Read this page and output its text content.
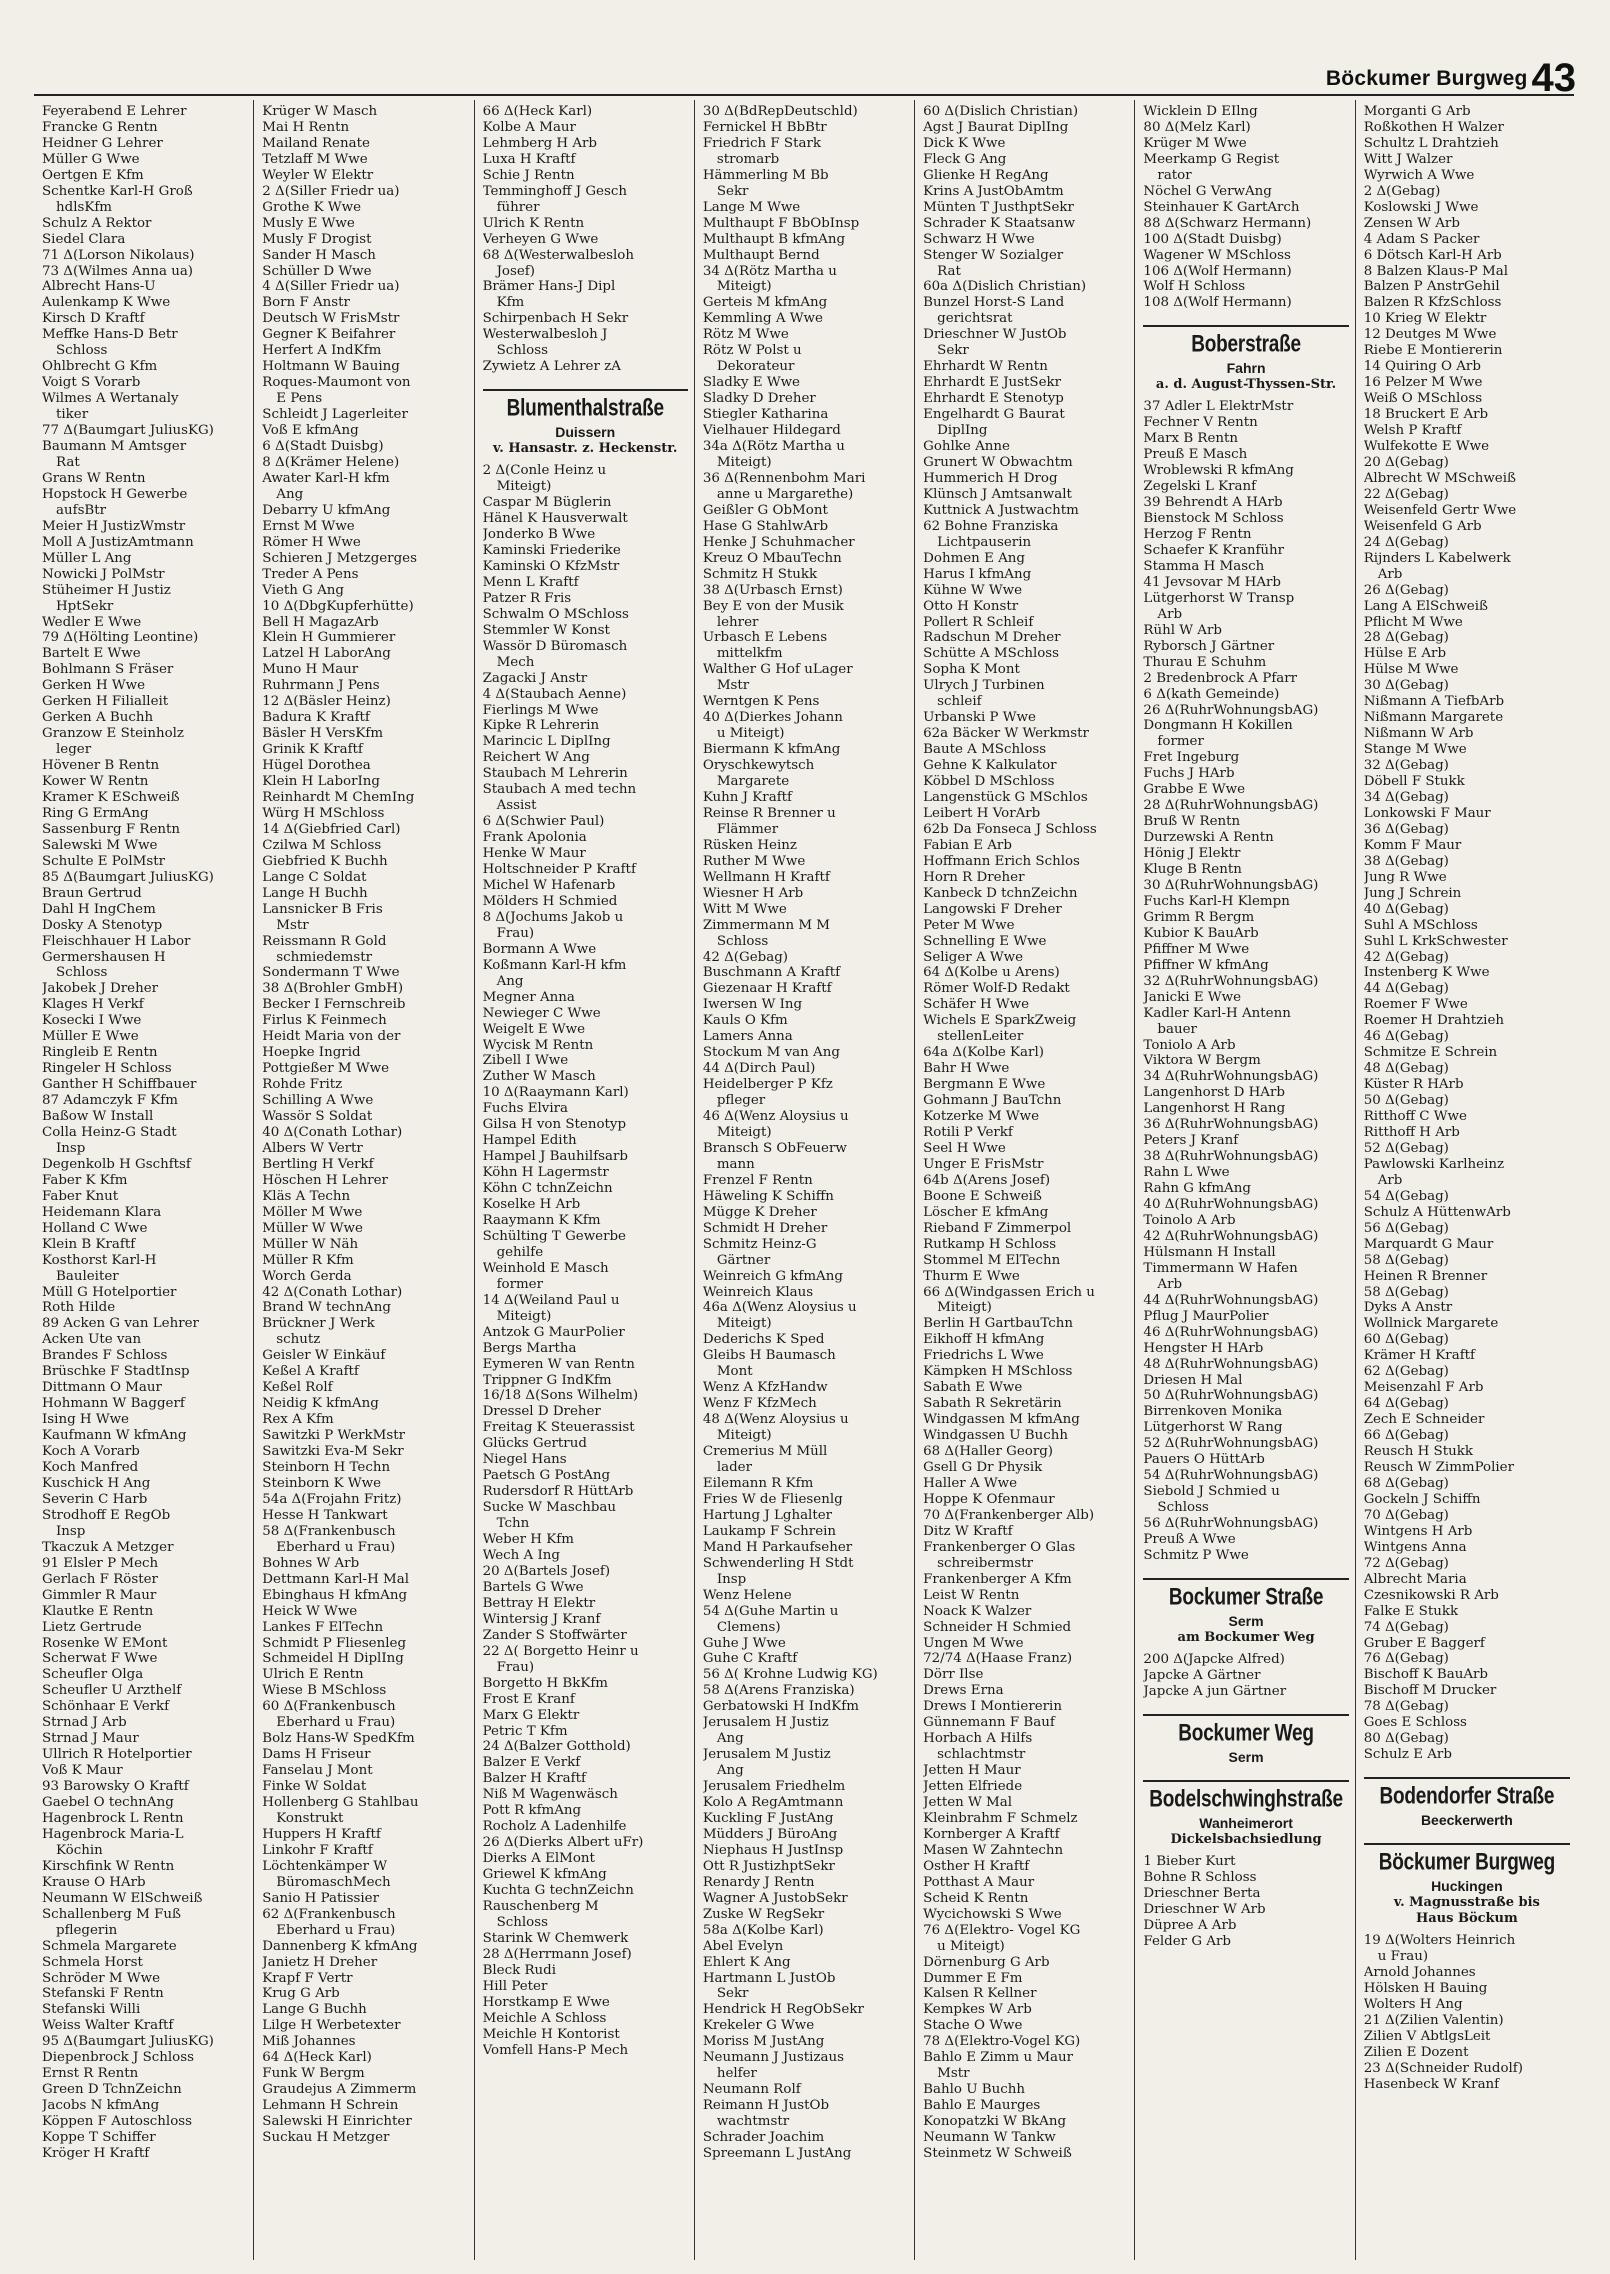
Böckumer Burgweg 43
Feyerabend E Lehrer
Francke G Rentn
Heidner G Lehrer
Müller G Wwe
Oertgen E Kfm
Schentke Karl-H Groß
hdlsKfm
Schulz A Rektor
Siedel Clara
71 Δ(Lorson Nikolaus)
73 Δ(Wilmes Anna ua)
Albrecht Hans-U
Aulenkamp K Wwe
Kirsch D Kraftf
Meffke Hans-D Betr
Schloss
Ohlbrecht G Kfm
Voigt S Vorarb
Wilmes A Wertanaly
tiker
77 Δ(Baumgart JuliusKG)
Baumann M Amtsger
Rat
Grans W Rentn
Hopstock H Gewerbe
aufsBtr
Meier H JustizWmstr
Moll A JustizAmtmann
Müller L Ang
Nowicki J PolMstr
Stüheimer H Justiz
HptSekr
Wedler E Wwe
79 Δ(Hölting Leontine)
Bartelt E Wwe
Bohlmann S Fräser
Gerken H Wwe
Gerken H Filialleit
Gerken A Buchh
Granzow E Steinholz
leger
Hövener B Rentn
Kower W Rentn
Kramer K ESchweiß
Ring G ErmAng
Sassenburg F Rentn
Salewski M Wwe
Schulte E PolMstr
85 Δ(Baumgart JuliusKG)
Braun Gertrud
Dahl H IngChem
Dosky A Stenotyp
Fleischhauer H Labor
Germershausen H
Schloss
Jakobek J Dreher
Klages H Verkf
Kosecki I Wwe
Müller E Wwe
Ringleib E Rentn
Ringeler H Schloss
Ganther H Schiffbauer
87 Adamczyk F Kfm
Baßow W Install
Colla Heinz-G Stadt
Insp
Degenkolb H Gschftsf
Faber K Kfm
Faber Knut
Heidemann Klara
Holland C Wwe
Klein B Kraftf
Kosthorst Karl-H
Bauleiter
Müll G Hotelportier
Roth Hilde
89 Acken G van Lehrer
Acken Ute van
Brandes F Schloss
Brüschke F StadtInsp
Dittmann O Maur
Hohmann W Baggerf
Ising H Wwe
Kaufmann W kfmAng
Koch A Vorarb
Koch Manfred
Kuschick H Ang
Severin C Harb
Strodhoff E RegOb
Insp
Tkaczuk A Metzger
91 Elsler P Mech
Gerlach F Röster
Gimmler R Maur
Klautke E Rentn
Lietz Gertrude
Rosenke W EMont
Scherwat F Wwe
Scheufler Olga
Scheufler U Arzthelf
Schönhaar E Verkf
Strnad J Arb
Strnad J Maur
Ullrich R Hotelportier
Voß K Maur
93 Barowsky O Kraftf
Gaebel O technAng
Hagenbrock L Rentn
Hagenbrock Maria-L
Köchin
Kirschfink W Rentn
Krause O HArb
Neumann W ElSchweiß
Schallenberg M Fuß
pflegerin
Schmela Margarete
Schmela Horst
Schröder M Wwe
Stefanski F Rentn
Stefanski Willi
Weiss Walter Kraftf
95 Δ(Baumgart JuliusKG)
Diepenbrock J Schloss
Ernst R Rentn
Green D TchnZeichn
Jacobs N kfmAng
Köppen F Autoschloss
Koppe T Schiffer
Kröger H Kraftf
Krüger W Masch
Mai H Rentn
Mailand Renate
Tetzlaff M Wwe
Weyler W Elektr
2 Δ(Siller Friedr ua)
Grothe K Wwe
Musly E Wwe
Musly F Drogist
Sander H Masch
Schüller D Wwe
4 Δ(Siller Friedr ua)
Born F Anstr
Deutsch W FrisMstr
Gegner K Beifahrer
Herfert A IndKfm
Holtmann W Bauing
Roques-Maumont von
E Pens
Schleidt J Lagerleiter
Voß E kfmAng
6 Δ(Stadt Duisbg)
8 Δ(Krämer Helene)
Awater Karl-H kfm
Ang
Debarry U kfmAng
Ernst M Wwe
Römer H Wwe
Schieren J Metzgerges
Treder A Pens
Vieth G Ang
10 Δ(DbgKupferhütte)
Bell H MagazArb
Klein H Gummierer
Latzel H LaborAng
Muno H Maur
Ruhrmann J Pens
12 Δ(Bäsler Heinz)
Badura K Kraftf
Bäsler H VersKfm
Grinik K Kraftf
Hügel Dorothea
Klein H LaborIng
Reinhardt M ChemIng
Würg H MSchloss
14 Δ(Giebfried Carl)
Czilwa M Schloss
Giebfried K Buchh
Lange C Soldat
Lange H Buchh
Lansnicker B Fris
Mstr
Reissmann R Gold
schmiedemstr
Sondermann T Wwe
38 Δ(Brohler GmbH)
Becker I Fernschreib
Firlus K Feinmech
Heidt Maria von der
Hoepke Ingrid
Pottgießer M Wwe
Rohde Fritz
Schilling A Wwe
Wassör S Soldat
40 Δ(Conath Lothar)
Albers W Vertr
Bertling H Verkf
Höschen H Lehrer
Kläs A Techn
Möller M Wwe
Müller W Wwe
Müller W Näh
Müller R Kfm
Worch Gerda
42 Δ(Conath Lothar)
Brand W technAng
Brückner J Werk
schutz
Geisler W Einkäuf
Keßel A Kraftf
Keßel Rolf
Neidig K kfmAng
Rex A Kfm
Sawitzki P WerkMstr
Sawitzki Eva-M Sekr
Steinborn H Techn
Steinborn K Wwe
54a Δ(Frojahn Fritz)
Hesse H Tankwart
58 Δ(Frankenbusch
Eberhard u Frau)
Bohnes W Arb
Dettmann Karl-H Mal
Ebinghaus H kfmAng
Heick W Wwe
Lankes F ElTechn
Schmidt P Fliesenleg
Schmeidel H DiplIng
Ulrich E Rentn
Wiese B MSchloss
60 Δ(Frankenbusch
Eberhard u Frau)
Bolz Hans-W SpedKfm
Dams H Friseur
Fanselau J Mont
Finke W Soldat
Hollenberg G Stahlbau
Konstrukt
Huppers H Kraftf
Linkohr F Kraftf
Löchtenkämper W
BüromaschMech
Sanio H Patissier
62 Δ(Frankenbusch
Eberhard u Frau)
Dannenberg K kfmAng
Janietz H Dreher
Krapf F Vertr
Krug G Arb
Lange G Buchh
Lilge H Werbetexter
Miß Johannes
64 Δ(Heck Karl)
Funk W Bergm
Graudejus A Zimmerm
Lehmann H Schrein
Salewski H Einrichter
Suckau H Metzger
66 Δ(Heck Karl)
Kolbe A Maur
Lehmberg H Arb
Luxa H Kraftf
Schie J Rentn
Temminghoff J Gesch
führer
Ulrich K Rentn
Verheyen G Wwe
68 Δ(Westerwalbesloh
Josef)
Brämer Hans-J Dipl
Kfm
Schirpenbach H Sekr
Westerwalbesloh J
Schloss
Zywietz A Lehrer zA
Blumenthalstraße
Duissern
v. Hansastr. z. Heckenstr.
2 Δ(Conle Heinz u
Miteigt)
Caspar M Büglerin
Hänel K Hausverwalt
Jonderko B Wwe
Kaminski Friederike
Kaminski O KfzMstr
Menn L Kraftf
Patzer R Fris
Schwalm O MSchloss
Stemmler W Konst
Wassör D Büromasch
Mech
Zagacki J Anstr
4 Δ(Staubach Aenne)
Fierlings M Wwe
Kipke R Lehrerin
Marincic L DiplIng
Reichert W Ang
Staubach M Lehrerin
Staubach A med techn
Assist
6 Δ(Schwier Paul)
Frank Apolonia
Henke W Maur
Holtschneider P Kraftf
Michel W Hafenarb
Mölders H Schmied
8 Δ(Jochums Jakob u
Frau)
Bormann A Wwe
Koßmann Karl-H kfm
Ang
Megner Anna
Newieger C Wwe
Weigelt E Wwe
Wycisk M Rentn
Zibell I Wwe
Zuther W Masch
10 Δ(Raaymann Karl)
Fuchs Elvira
Gilsa H von Stenotyp
Hampel Edith
Hampel J Bauhilfsarb
Köhn H Lagermstr
Köhn C tchnZeichn
Koselke H Arb
Raaymann K Kfm
Schülting T Gewerbe
gehilfe
Weinhold E Masch
former
14 Δ(Weiland Paul u
Miteigt)
Antzok G MaurPolier
Bergs Martha
Eymeren W van Rentn
Trippner G IndKfm
16/18 Δ(Sons Wilhelm)
Dressel D Dreher
Freitag K Steuerassist
Glücks Gertrud
Niegel Hans
Paetsch G PostAng
Rudersdorf R HüttArb
Sucke W Maschbau
Tchn
Weber H Kfm
Wech A Ing
20 Δ(Bartels Josef)
Bartels G Wwe
Bettray H Elektr
Wintersig J Kranf
Zander S Stoffwärter
22 Δ( Borgetto Heinr u
Frau)
Borgetto H BkKfm
Frost E Kranf
Marx G Elektr
Petric T Kfm
24 Δ(Balzer Gotthold)
Balzer E Verkf
Balzer H Kraftf
Niß M Wagenwäsch
Pott R kfmAng
Rocholz A Ladenhilfe
26 Δ(Dierks Albert uFr)
Dierks A ElMont
Griewel K kfmAng
Kuchta G technZeichn
Rauschenberg M
Schloss
Starink W Chemwerk
28 Δ(Herrmann Josef)
Bleck Rudi
Hill Peter
Horstkamp E Wwe
Meichle A Schloss
Meichle H Kontorist
Vomfell Hans-P Mech
30 Δ(BdRepDeutschld)
Fernickel H BbBtr
Friedrich F Stark
stromarb
Hämmerling M Bb
Sekr
Lange M Wwe
Multhaupt F BbObInsp
Multhaupt B kfmAng
Multhaupt Bernd
34 Δ(Rötz Martha u
Miteigt)
Gerteis M kfmAng
Kemmling A Wwe
Rötz M Wwe
Rötz W Polst u
Dekorateur
Sladky E Wwe
Sladky D Dreher
Stiegler Katharina
Vielhauer Hildegard
34a Δ(Rötz Martha u
Miteigt)
36 Δ(Rennenbohm Mari
anne u Margarethe)
Geißler G ObMont
Hase G StahlwArb
Henke J Schuhmacher
Kreuz O MbauTechn
Schmitz H Stukk
38 Δ(Urbasch Ernst)
Bey E von der Musik
lehrer
Urbasch E Lebens
mittelkfm
Walther G Hof uLager
Mstr
Werntgen K Pens
40 Δ(Dierkes Johann
u Miteigt)
Biermann K kfmAng
Oryschkewytsch
Margarete
Kuhn J Kraftf
Reinse R Brenner u
Flämmer
Rüsken Heinz
Ruther M Wwe
Wellmann H Kraftf
Wiesner H Arb
Witt M Wwe
Zimmermann M M
Schloss
42 Δ(Gebag)
Buschmann A Kraftf
Giezenaar H Kraftf
Iwersen W Ing
Kauls O Kfm
Lamers Anna
Stockum M van Ang
44 Δ(Dirch Paul)
Heidelberger P Kfz
pfleger
46 Δ(Wenz Aloysius u
Miteigt)
Bransch S ObFeuerw
mann
Frenzel F Rentn
Häweling K Schiffn
Mügge K Dreher
Schmidt H Dreher
Schmitz Heinz-G
Gärtner
Weinreich G kfmAng
Weinreich Klaus
46a Δ(Wenz Aloysius u
Miteigt)
Dederichs K Sped
Gleibs H Baumasch
Mont
Wenz A KfzHandw
Wenz F KfzMech
48 Δ(Wenz Aloysius u
Miteigt)
Cremerius M Müll
lader
Eilemann R Kfm
Fries W de Fliesenlg
Hartung J Lghalter
Laukamp F Schrein
Mand H Parkaufseher
Schwenderling H Stdt
Insp
Wenz Helene
54 Δ(Guhe Martin u
Clemens)
Guhe J Wwe
Guhe C Kraftf
56 Δ( Krohne Ludwig KG)
58 Δ(Arens Franziska)
Gerbatowski H IndKfm
Jerusalem H Justiz
Ang
Jerusalem M Justiz
Ang
Jerusalem Friedhelm
Kolo A RegAmtmann
Kuckling F JustAng
Müdders J BüroAng
Niephaus H JustInsp
Ott R JustizhptSekr
Renardy J Rentn
Wagner A JustobSekr
Zuske W RegSekr
58a Δ(Kolbe Karl)
Abel Evelyn
Ehlert K Ang
Hartmann L JustOb
Sekr
Hendrick H RegObSekr
Krekeler G Wwe
Moriss M JustAng
Neumann J Justizaus
helfer
Neumann Rolf
Reimann H JustOb
wachtmstr
Schrader Joachim
Spreemann L JustAng
60 Δ(Dislich Christian)
Agst J Baurat DiplIng
Dick K Wwe
Fleck G Ang
Glienke H RegAng
Krins A JustObAmtm
Münten T JusthptSekr
Schrader K Staatsanw
Schwarz H Wwe
Stenger W Sozialger
Rat
60a Δ(Dislich Christian)
Bunzel Horst-S Land
gerichtsrat
Drieschner W JustOb
Sekr
Ehrhardt W Rentn
Ehrhardt E JustSekr
Ehrhardt E Stenotyp
Engelhardt G Baurat
DiplIng
Gohlke Anne
Grunert W Obwachtm
Hummerich H Drog
Klünsch J Amtsanwalt
Kuttnick A Justwachtm
62 Bohne Franziska
Lichtpauserin
Dohmen E Ang
Harus I kfmAng
Kühne W Wwe
Otto H Konstr
Pollert R Schleif
Radschun M Dreher
Schütte A MSchloss
Sopha K Mont
Ulrych J Turbinen
schleif
Urbanski P Wwe
62a Bäcker W Werkmstr
Baute A MSchloss
Gehne K Kalkulator
Köbbel D MSchloss
Langenstück G MSchlos
Leibert H VorArb
62b Da Fonseca J Schloss
Fabian E Arb
Hoffmann Erich Schlos
Horn R Dreher
Kanbeck D tchnZeichn
Langowski F Dreher
Peter M Wwe
Schnelling E Wwe
Seliger A Wwe
64 Δ(Kolbe u Arens)
Römer Wolf-D Redakt
Schäfer H Wwe
Wichels E SparkZweig
stellenLeiter
64a Δ(Kolbe Karl)
Bahr H Wwe
Bergmann E Wwe
Gohmann J BauTchn
Kotzerke M Wwe
Rotili P Verkf
Seel H Wwe
Unger E FrisMstr
64b Δ(Arens Josef)
Boone E Schweiß
Löscher E kfmAng
Rieband F Zimmerpol
Rutkamp H Schloss
Stommel M ElTechn
Thurm E Wwe
66 Δ(Windgassen Erich u
Miteigt)
Berlin H GartbauTchn
Eikhoff H kfmAng
Friedrichs L Wwe
Kämpken H MSchloss
Sabath E Wwe
Sabath R Sekretärin
Windgassen M kfmAng
Windgassen U Buchh
68 Δ(Haller Georg)
Gsell G Dr Physik
Haller A Wwe
Hoppe K Ofenmaur
70 Δ(Frankenberger Alb)
Ditz W Kraftf
Frankenberger O Glas
schreibermstr
Frankenberger A Kfm
Leist W Rentn
Noack K Walzer
Schneider H Schmied
Ungen M Wwe
72/74 Δ(Haase Franz)
Dörr Ilse
Drews Erna
Drews I Montiererin
Günnemann F Bauf
Horbach A Hilfs
schlachtmstr
Jetten H Maur
Jetten Elfriede
Jetten W Mal
Kleinbrahm F Schmelz
Kornberger A Kraftf
Masen W Zahntechn
Osther H Kraftf
Potthast A Maur
Scheid K Rentn
Wycichowski S Wwe
76 Δ(Elektro- Vogel KG
u Miteigt)
Dörnenburg G Arb
Dummer E Fm
Kalsen R Kellner
Kempkes W Arb
Stache O Wwe
78 Δ(Elektro-Vogel KG)
Bahlo E Zimm u Maur
Mstr
Bahlo U Buchh
Bahlo E Maurges
Konopatzki W BkAng
Neumann W Tankw
Steinmetz W Schweiß
Wicklein D EIlng
80 Δ(Melz Karl)
Krüger M Wwe
Meerkamp G Regist
rator
Nöchel G VerwAng
Steinhauer K GartArch
88 Δ(Schwarz Hermann)
100 Δ(Stadt Duisbg)
Wagener W MSchloss
106 Δ(Wolf Hermann)
Wolf H Schloss
108 Δ(Wolf Hermann)
Boberstraße
Fahrn
a. d. August-Thyssen-Str.
37 Adler L ElektrMstr
Fechner V Rentn
Marx B Rentn
Preuß E Masch
Wroblewski R kfmAng
Zegelski L Kranf
39 Behrendt A HArb
Bienstock M Schloss
Herzog F Rentn
Schaefer K Kranführ
Stamma H Masch
41 Jevsovar M HArb
Lütgerhorst W Transp
Arb
Rühl W Arb
Ryborsch J Gärtner
Thurau E Schuhm
2 Bredenbrock A Pfarr
6 Δ(kath Gemeinde)
26 Δ(RuhrWohnungsbAG)
Dongmann H Kokillen
former
Fret Ingeburg
Fuchs J HArb
Grabbe E Wwe
28 Δ(RuhrWohnungsbAG)
Bruß W Rentn
Durzewski A Rentn
Hönig J Elektr
Kluge B Rentn
30 Δ(RuhrWohnungsbAG)
Fuchs Karl-H Klempn
Grimm R Bergm
Kubior K BauArb
Pfiffner M Wwe
Pfiffner W kfmAng
32 Δ(RuhrWohnungsbAG)
Janicki E Wwe
Kadler Karl-H Antenn
bauer
Toniolo A Arb
Viktora W Bergm
34 Δ(RuhrWohnungsbAG)
Langenhorst D HArb
Langenhorst H Rang
36 Δ(RuhrWohnungsbAG)
Peters J Kranf
38 Δ(RuhrWohnungsbAG)
Rahn L Wwe
Rahn G kfmAng
40 Δ(RuhrWohnungsbAG)
Toinolo A Arb
42 Δ(RuhrWohnungsbAG)
Hülsmann H Install
Timmermann W Hafen
Arb
44 Δ(RuhrWohnungsbAG)
Pflug J MaurPolier
46 Δ(RuhrWohnungsbAG)
Hengster H HArb
48 Δ(RuhrWohnungsbAG)
Driesen H Mal
50 Δ(RuhrWohnungsbAG)
Birrenkoven Monika
Lütgerhorst W Rang
52 Δ(RuhrWohnungsbAG)
Pauers O HüttArb
54 Δ(RuhrWohnungsbAG)
Siebold J Schmied u
Schloss
56 Δ(RuhrWohnungsbAG)
Preuß A Wwe
Schmitz P Wwe
Bockumer Straße
Serm
am Bockumer Weg
200 Δ(Japcke Alfred)
Japcke A Gärtner
Japcke A jun Gärtner
Bockumer Weg
Serm
Bodelschwinghstraße
Wanheimerort
Dickelsbachsiedlung
1 Bieber Kurt
Bohne R Schloss
Drieschner Berta
Drieschner W Arb
Düpree A Arb
Felder G Arb
Morganti G Arb
Roßkothen H Walzer
Schultz L Drahtzieh
Witt J Walzer
Wyrwich A Wwe
2 Δ(Gebag)
Koslowski J Wwe
Zensen W Arb
4 Adam S Packer
6 Dötsch Karl-H Arb
8 Balzen Klaus-P Mal
Balzen P AnstrGehil
Balzen R KfzSchloss
10 Krieg W Elektr
12 Deutges M Wwe
Riebe E Montiererin
14 Quiring O Arb
16 Pelzer M Wwe
Weiß O MSchloss
18 Bruckert E Arb
Welsh P Kraftf
Wulfekotte E Wwe
20 Δ(Gebag)
Albrecht W MSchweiß
22 Δ(Gebag)
Weisenfeld Gertr Wwe
Weisenfeld G Arb
24 Δ(Gebag)
Rijnders L Kabelwerk
Arb
26 Δ(Gebag)
Lang A ElSchweiß
Pflicht M Wwe
28 Δ(Gebag)
Hülse E Arb
Hülse M Wwe
30 Δ(Gebag)
Nißmann A TiefbArb
Nißmann Margarete
Nißmann W Arb
Stange M Wwe
32 Δ(Gebag)
Döbell F Stukk
34 Δ(Gebag)
Lonkowski F Maur
36 Δ(Gebag)
Komm F Maur
38 Δ(Gebag)
Jung R Wwe
Jung J Schrein
40 Δ(Gebag)
Suhl A MSchloss
Suhl L KrkSchwester
42 Δ(Gebag)
Instenberg K Wwe
44 Δ(Gebag)
Roemer F Wwe
Roemer H Drahtzieh
46 Δ(Gebag)
Schmitze E Schrein
48 Δ(Gebag)
Küster R HArb
50 Δ(Gebag)
Ritthoff C Wwe
Ritthoff H Arb
52 Δ(Gebag)
Pawlowski Karlheinz
Arb
54 Δ(Gebag)
Schulz A HüttenwArb
56 Δ(Gebag)
Marquardt G Maur
58 Δ(Gebag)
Heinen R Brenner
58 Δ(Gebag)
Dyks A Anstr
Wollnick Margarete
60 Δ(Gebag)
Krämer H Kraftf
62 Δ(Gebag)
Meisenzahl F Arb
64 Δ(Gebag)
Zech E Schneider
66 Δ(Gebag)
Reusch H Stukk
Reusch W ZimmPolier
68 Δ(Gebag)
Gockeln J Schiffn
70 Δ(Gebag)
Wintgens H Arb
Wintgens Anna
72 Δ(Gebag)
Albrecht Maria
Czesnikowski R Arb
Falke E Stukk
74 Δ(Gebag)
Gruber E Baggerf
76 Δ(Gebag)
Bischoff K BauArb
Bischoff M Drucker
78 Δ(Gebag)
Goes E Schloss
80 Δ(Gebag)
Schulz E Arb
Bodendorfer Straße
Beeckerwerth
Böckumer Burgweg
Huckingen
v. Magnusstraße bis
Haus Böckum
19 Δ(Wolters Heinrich
u Frau)
Arnold Johannes
Hölsken H Bauing
Wolters H Ang
21 Δ(Zilien Valentin)
Zilien V AbtlgsLeit
Zilien E Dozent
23 Δ(Schneider Rudolf)
Hasenbeck W Kranf
